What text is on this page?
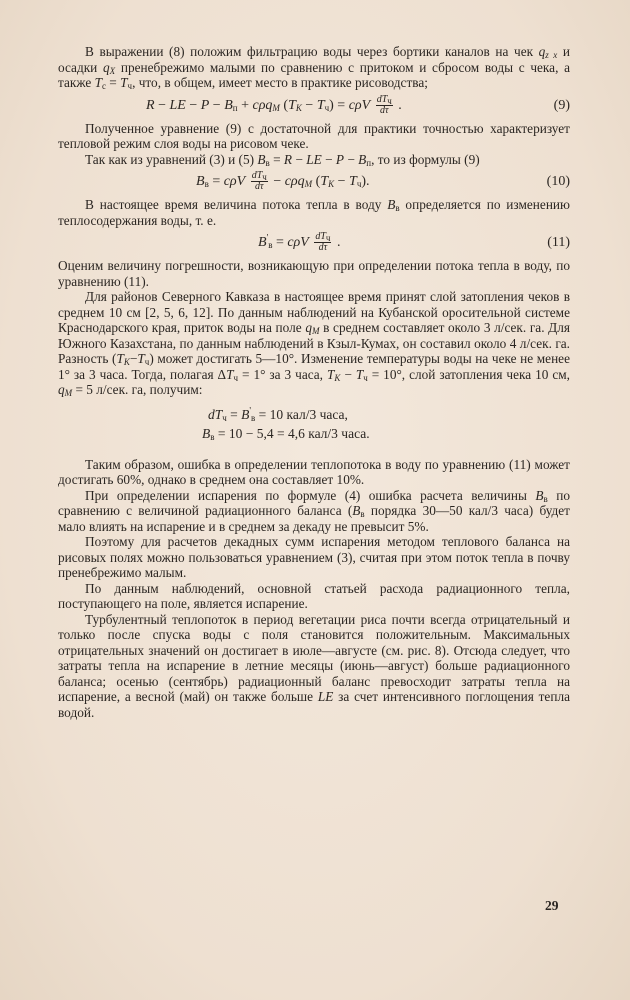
В выражении (8) положим фильтрацию воды через бортики каналов на чек $q_{z x}$ и осадки $q_X$ пренебрежимо малыми по сравнению с притоком и сбросом воды с чека, а также $T_с = T_ч$, что, в общем, имеет место в практике рисоводства;

R − LE − $P - B_п + c\rho q_M$ $(T_K - T_ч) = c\rho V \frac{dT_ч}{d\tau}$ .	(9)

Полученное уравнение (9) с достаточной для практики точностью характеризует тепловой режим слоя воды на рисовом чеке.

Так как из уравнений (3) и (5) $B_в = R$ − LE − $P - B_п$, то из формулы (9)

$B_в = c\rho V \frac{dT_ч}{d\tau} - c\rho q_M$ $(T_K - T_ч)$.	(10)

В настоящее время величина потока тепла в воду $B_в$ определяется по изменению теплосодержания воды, т. е.

$B'_в = c\rho V \frac{dT_ч}{d\tau}$ .	(11)

Оценим величину погрешности, возникающую при определении потока тепла в воду, по уравнению (11).

Для районов Северного Кавказа в настоящее время принят слой затопления чеков в среднем 10 см [2, 5, 6, 12]. По данным наблюдений на Кубанской оросительной системе Краснодарского края, приток воды на поле $q_M$ в среднем составляет около 3 л/сек. га. Для Южного Казахстана, по данным наблюдений в Кзыл-Кумах, он составил около 4 л/сек. га. Разность $(T_K-T_ч)$ может достигать 5—10°. Изменение температуры воды на чеке не менее 1° за 3 часа. Тогда, полагая $\Delta T_ч = 1^\circ$ за 3 часа, $T_K - T_ч = 10^\circ$, слой затопления чека 10 см, $q_M = 5$ л/сек. га, получим:

$dT_ч = B'_в = 10$ кал/3 часа,
$B_в = 10 - 5,4 = 4,6$ кал/3 часа.

Таким образом, ошибка в определении теплопотока в воду по уравнению (11) может достигать 60%, однако в среднем она составляет 10%.

При определении испарения по формуле (4) ошибка расчета величины $B_в$ по сравнению с величиной радиационного баланса ($B_в$ порядка 30—50 кал/3 часа) будет мало влиять на испарение и в среднем за декаду не превысит 5%.

Поэтому для расчетов декадных сумм испарения методом теплового баланса на рисовых полях можно пользоваться уравнением (3), считая при этом поток тепла в почву пренебрежимо малым.

По данным наблюдений, основной статьей расхода радиационного тепла, поступающего на поле, является испарение.

Турбулентный теплопоток в период вегетации риса почти всегда отрицательный и только после спуска воды с поля становится положительным. Максимальных отрицательных значений он достигает в июле—августе (см. рис. 8). Отсюда следует, что затраты тепла на испарение в летние месяцы (июнь—август) больше радиационного баланса; осенью (сентябрь) радиационный баланс превосходит затраты тепла на испарение, а весной (май) он также больше LE за счет интенсивного поглощения тепла водой.

29
